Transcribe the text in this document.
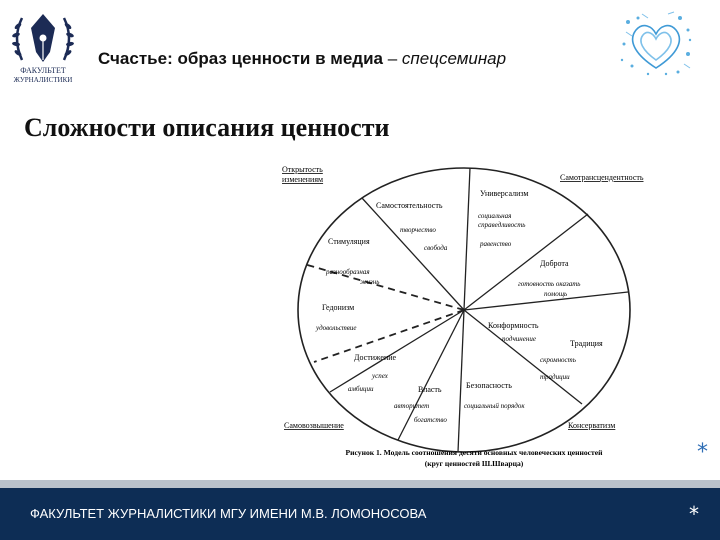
ФАКУЛЬТЕТ
ЖУРНАЛИСТИКИ
Счастье: образ ценности в медиа – спецсеминар
Сложности описания ценности
Открытость
изменениям	Самотрансцендентность
Самовозвышение	Консерватизм
Самостоятельность
творчество
свобода
Универсализм
социальная
справедливость
равенство
Стимуляция
разнообразная
жизнь
Доброта
готовность оказать
помощь
Гедонизм
удовольствие	Конформность
подчинение	Традиция
скромность
традиции
Достижение
успех
амбиции	Власть
авторитет
богатство
Безопасность
социальный порядок
Рисунок 1. Модель соотношения десяти основных человеческих ценностей
(круг ценностей Ш.Шварца)	*
ФАКУЛЬТЕТ ЖУРНАЛИСТИКИ МГУ ИМЕНИ М.В. ЛОМОНОСОВА	*
